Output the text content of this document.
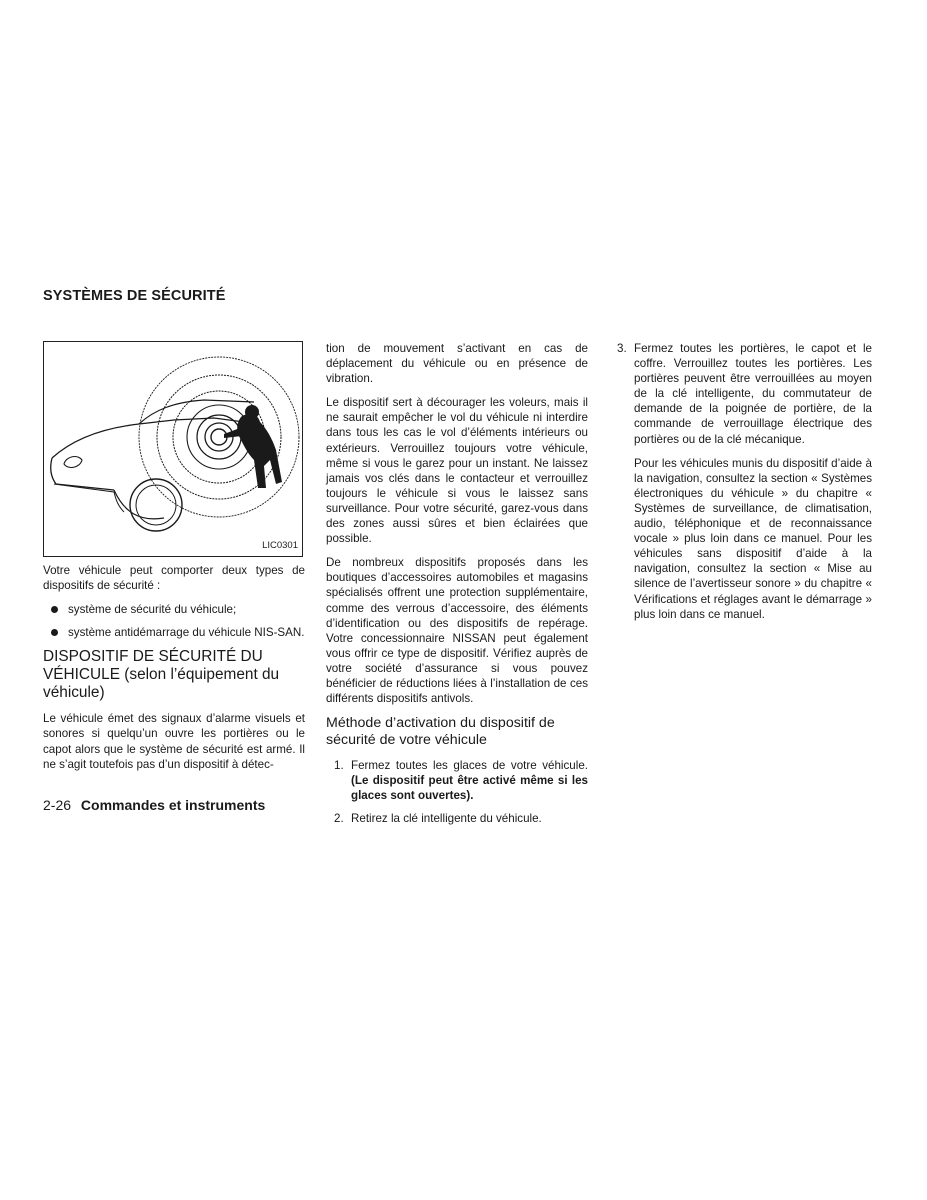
SYSTÈMES DE SÉCURITÉ
LIC0301

Votre véhicule peut comporter deux types de dispositifs de sécurité :

système de sécurité du véhicule;
système antidémarrage du véhicule NIS-SAN.
DISPOSITIF DE SÉCURITÉ DU VÉHICULE (selon l’équipement du véhicule)

Le véhicule émet des signaux d’alarme visuels et sonores si quelqu’un ouvre les portières ou le capot alors que le système de sécurité est armé. Il ne s’agit toutefois pas d’un dispositif à détec-

tion de mouvement s’activant en cas de déplacement du véhicule ou en présence de vibration.

Le dispositif sert à décourager les voleurs, mais il ne saurait empêcher le vol du véhicule ni interdire dans tous les cas le vol d’éléments intérieurs ou extérieurs. Verrouillez toujours votre véhicule, même si vous le garez pour un instant. Ne laissez jamais vos clés dans le contacteur et verrouillez toujours le véhicule si vous le laissez sans surveillance. Pour votre sécurité, garez-vous dans des zones aussi sûres et bien éclairées que possible.

De nombreux dispositifs proposés dans les boutiques d’accessoires automobiles et magasins spécialisés offrent une protection supplémentaire, comme des verrous d’accessoire, des éléments d’identification ou des dispositifs de repérage. Votre concessionnaire NISSAN peut également vous offrir ce type de dispositif. Vérifiez auprès de votre société d’assurance si vous pouvez bénéficier de réductions liées à l’installation de ces différents dispositifs antivols.

Méthode d’activation du dispositif de sécurité de votre véhicule
1. Fermez toutes les glaces de votre véhicule. (Le dispositif peut être activé même si les glaces sont ouvertes).
2. Retirez la clé intelligente du véhicule.
3. Fermez toutes les portières, le capot et le coffre. Verrouillez toutes les portières. Les portières peuvent être verrouillées au moyen de la clé intelligente, du commutateur de demande de la poignée de portière, de la commande de verrouillage électrique des portières ou de la clé mécanique.

Pour les véhicules munis du dispositif d’aide à la navigation, consultez la section « Systèmes électroniques du véhicule » du chapitre « Systèmes de surveillance, de climatisation, audio, téléphonique et de reconnaissance vocale » plus loin dans ce manuel. Pour les véhicules sans dispositif d’aide à la navigation, consultez la section « Mise au silence de l’avertisseur sonore » du chapitre « Vérifications et réglages avant le démarrage » plus loin dans ce manuel.

2-26 Commandes et instruments
